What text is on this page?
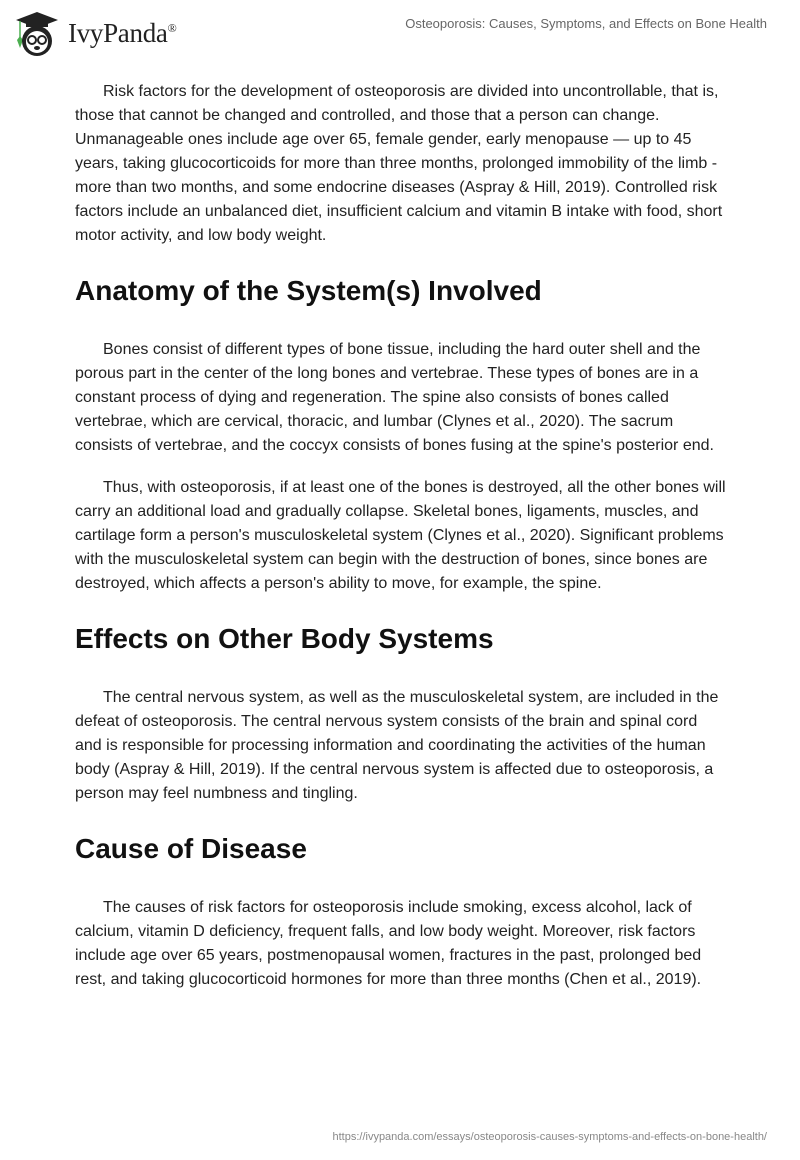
IvyPanda®	Osteoporosis: Causes, Symptoms, and Effects on Bone Health

Risk factors for the development of osteoporosis are divided into uncontrollable, that is, those that cannot be changed and controlled, and those that a person can change. Unmanageable ones include age over 65, female gender, early menopause — up to 45 years, taking glucocorticoids for more than three months, prolonged immobility of the limb - more than two months, and some endocrine diseases (Aspray & Hill, 2019). Controlled risk factors include an unbalanced diet, insufficient calcium and vitamin B intake with food, short motor activity, and low body weight.

Anatomy of the System(s) Involved

Bones consist of different types of bone tissue, including the hard outer shell and the porous part in the center of the long bones and vertebrae. These types of bones are in a constant process of dying and regeneration. The spine also consists of bones called vertebrae, which are cervical, thoracic, and lumbar (Clynes et al., 2020). The sacrum consists of vertebrae, and the coccyx consists of bones fusing at the spine's posterior end.

Thus, with osteoporosis, if at least one of the bones is destroyed, all the other bones will carry an additional load and gradually collapse. Skeletal bones, ligaments, muscles, and cartilage form a person's musculoskeletal system (Clynes et al., 2020). Significant problems with the musculoskeletal system can begin with the destruction of bones, since bones are destroyed, which affects a person's ability to move, for example, the spine.

Effects on Other Body Systems

The central nervous system, as well as the musculoskeletal system, are included in the defeat of osteoporosis. The central nervous system consists of the brain and spinal cord and is responsible for processing information and coordinating the activities of the human body (Aspray & Hill, 2019). If the central nervous system is affected due to osteoporosis, a person may feel numbness and tingling.

Cause of Disease

The causes of risk factors for osteoporosis include smoking, excess alcohol, lack of calcium, vitamin D deficiency, frequent falls, and low body weight. Moreover, risk factors include age over 65 years, postmenopausal women, fractures in the past, prolonged bed rest, and taking glucocorticoid hormones for more than three months (Chen et al., 2019).

https://ivypanda.com/essays/osteoporosis-causes-symptoms-and-effects-on-bone-health/
